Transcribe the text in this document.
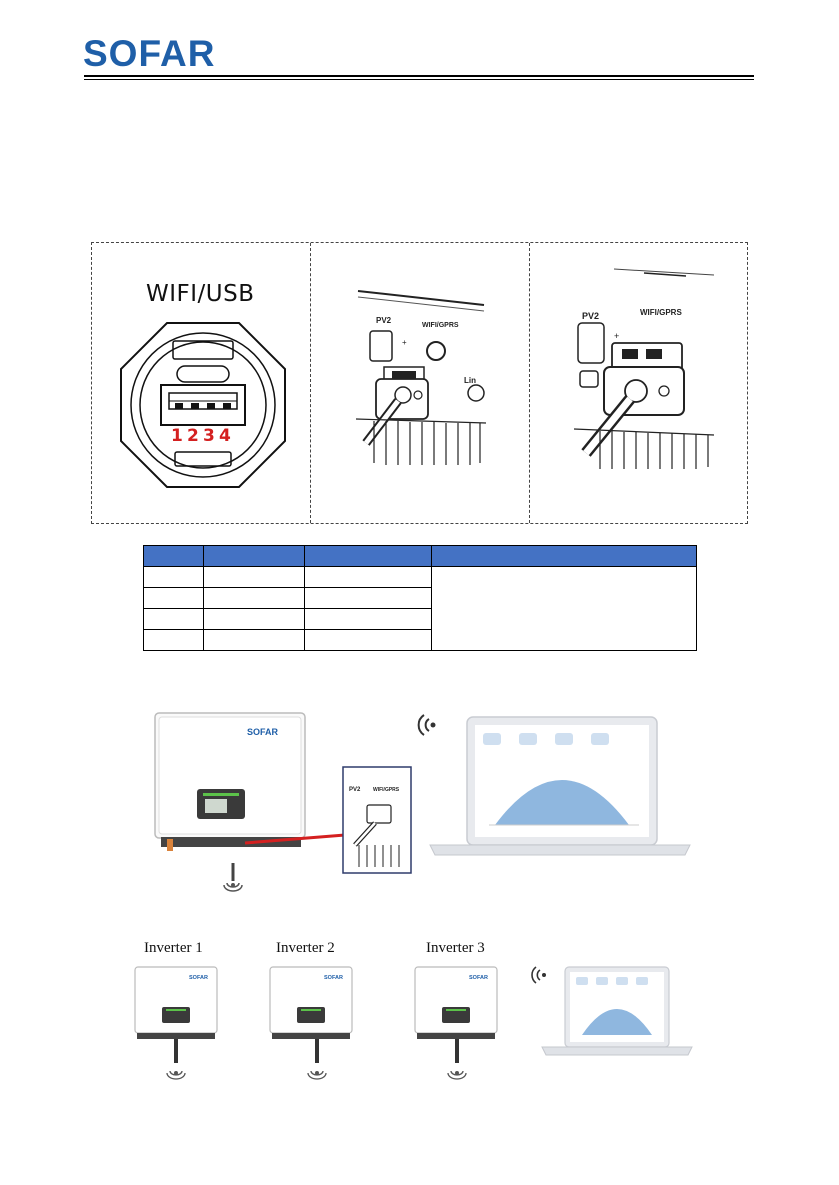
SOFAR
WIFI/USB
1 2 3 4
PV2
WIFI/GPRS
+
Lin
PV2	WIFI/GPRS
+

SOFAR
PV2	WIFI/GPRS
Inverter 1	Inverter 2	Inverter 3
SOFAR	SOFAR	SOFAR
